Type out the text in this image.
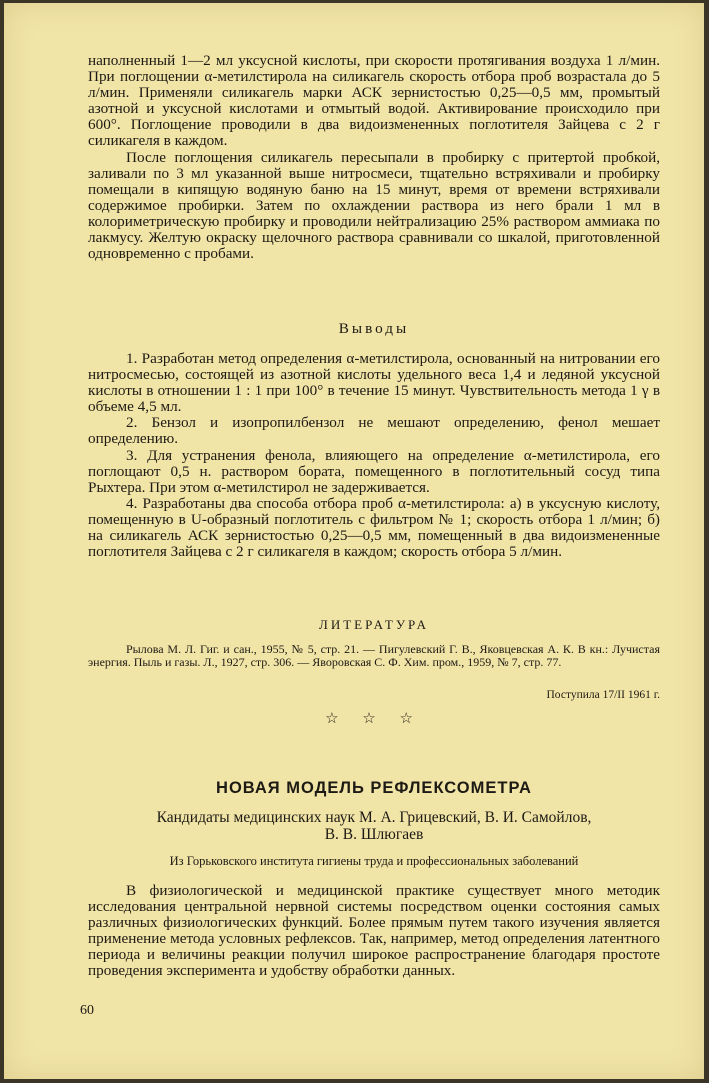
наполненный 1—2 мл уксусной кислоты, при скорости протягивания воздуха 1 л/мин. При поглощении α-метилстирола на силикагель скорость отбора проб возрастала до 5 л/мин. Применяли силикагель марки АСК зернистостью 0,25—0,5 мм, промытый азотной и уксусной кислотами и отмытый водой. Активирование происходило при 600°. Поглощение проводили в два видоизмененных поглотителя Зайцева с 2 г силикагеля в каждом.

После поглощения силикагель пересыпали в пробирку с притертой пробкой, заливали по 3 мл указанной выше нитросмеси, тщательно встряхивали и пробирку помещали в кипящую водяную баню на 15 минут, время от времени встряхивали содержимое пробирки. Затем по охлаждении раствора из него брали 1 мл в колориметрическую пробирку и проводили нейтрализацию 25% раствором аммиака по лакмусу. Желтую окраску щелочного раствора сравнивали со шкалой, приготовленной одновременно с пробами.

Выводы

1. Разработан метод определения α-метилстирола, основанный на нитровании его нитросмесью, состоящей из азотной кислоты удельного веса 1,4 и ледяной уксусной кислоты в отношении 1 : 1 при 100° в течение 15 минут. Чувствительность метода 1 γ в объеме 4,5 мл.

2. Бензол и изопропилбензол не мешают определению, фенол мешает определению.

3. Для устранения фенола, влияющего на определение α-метилстирола, его поглощают 0,5 н. раствором бората, помещенного в поглотительный сосуд типа Рыхтера. При этом α-метилстирол не задерживается.

4. Разработаны два способа отбора проб α-метилстирола: а) в уксусную кислоту, помещенную в U-образный поглотитель с фильтром № 1; скорость отбора 1 л/мин; б) на силикагель АСК зернистостью 0,25—0,5 мм, помещенный в два видоизмененные поглотителя Зайцева с 2 г силикагеля в каждом; скорость отбора 5 л/мин.

ЛИТЕРАТУРА

Рылова М. Л. Гиг. и сан., 1955, № 5, стр. 21. — Пигулевский Г. В., Яковцевская А. К. В кн.: Лучистая энергия. Пыль и газы. Л., 1927, стр. 306. — Яворовская С. Ф. Хим. пром., 1959, № 7, стр. 77.

Поступила 17/II 1961 г.

☆ ☆ ☆

НОВАЯ МОДЕЛЬ РЕФЛЕКСОМЕТРА

Кандидаты медицинских наук М. А. Грицевский, В. И. Самойлов,

В. В. Шлюгаев

Из Горьковского института гигиены труда и профессиональных заболеваний

В физиологической и медицинской практике существует много методик исследования центральной нервной системы посредством оценки состояния самых различных физиологических функций. Более прямым путем такого изучения является применение метода условных рефлексов. Так, например, метод определения латентного периода и величины реакции получил широкое распространение благодаря простоте проведения эксперимента и удобству обработки данных.

60
